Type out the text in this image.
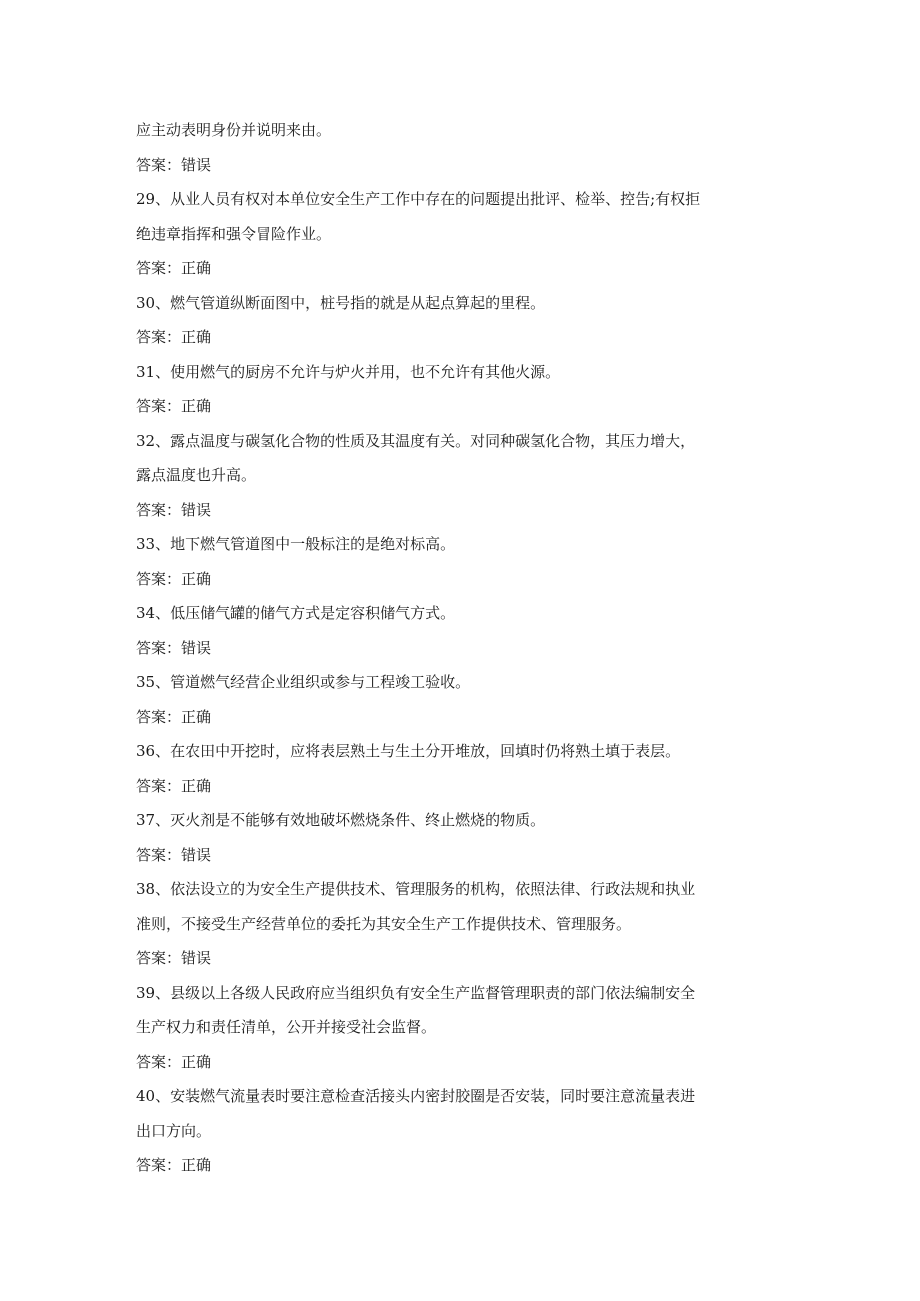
应主动表明身份并说明来由。
答案：错误
29、从业人员有权对本单位安全生产工作中存在的问题提出批评、检举、控告;有权拒
绝违章指挥和强令冒险作业。
答案：正确
30、燃气管道纵断面图中，桩号指的就是从起点算起的里程。
答案：正确
31、使用燃气的厨房不允许与炉火并用，也不允许有其他火源。
答案：正确
32、露点温度与碳氢化合物的性质及其温度有关。对同种碳氢化合物，其压力增大，
露点温度也升高。
答案：错误
33、地下燃气管道图中一般标注的是绝对标高。
答案：正确
34、低压储气罐的储气方式是定容积储气方式。
答案：错误
35、管道燃气经营企业组织或参与工程竣工验收。
答案：正确
36、在农田中开挖时，应将表层熟土与生土分开堆放，回填时仍将熟土填于表层。
答案：正确
37、灭火剂是不能够有效地破坏燃烧条件、终止燃烧的物质。
答案：错误
38、依法设立的为安全生产提供技术、管理服务的机构，依照法律、行政法规和执业
准则，不接受生产经营单位的委托为其安全生产工作提供技术、管理服务。
答案：错误
39、县级以上各级人民政府应当组织负有安全生产监督管理职责的部门依法编制安全
生产权力和责任清单，公开并接受社会监督。
答案：正确
40、安装燃气流量表时要注意检查活接头内密封胶圈是否安装，同时要注意流量表进
出口方向。
答案：正确
